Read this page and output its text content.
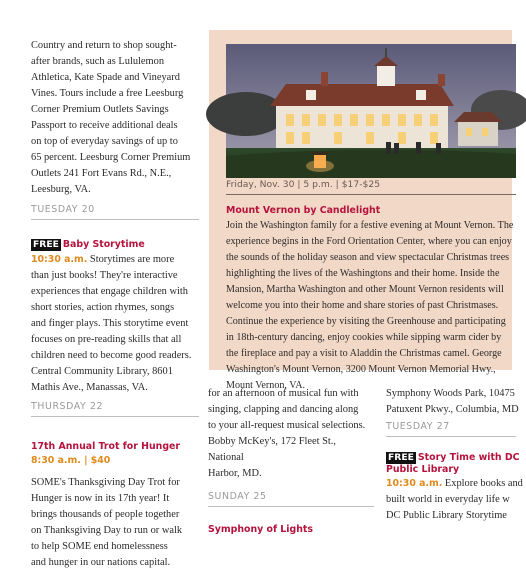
Country and return to shop sought-

after brands, such as Lululemon

Athletica, Kate Spade and Vineyard

Vines. Tours include a free Leesburg

Corner Premium Outlets Savings

Passport to receive additional deals

on top of everyday savings of up to

65 percent. Leesburg Corner Premium

Outlets 241 Fort Evans Rd., N.E.,

Leesburg, VA.

TUESDAY 20
FREE Baby Storytime

10:30 a.m. Storytimes are more

than just books! They're interactive

experiences that engage children with

short stories, action rhymes, songs

and finger plays. This storytime event

focuses on pre-reading skills that all

children need to become good readers.

Central Community Library, 8601

Mathis Ave., Manassas, VA.

THURSDAY 22
17th Annual Trot for Hunger
8:30 a.m. | $40

SOME's Thanksgiving Day Trot for

Hunger is now in its 17th year! It

brings thousands of people together

on Thanksgiving Day to run or walk

to help SOME end homelessness

and hunger in our nations capital.

Friday, Nov. 30 | 5 p.m. | $17-$25
Mount Vernon by Candlelight

Join the Washington family for a festive evening at Mount Vernon. The

experience begins in the Ford Orientation Center, where you can enjoy

the sounds of the holiday season and view spectacular Christmas trees

highlighting the lives of the Washingtons and their home. Inside the

Mansion, Martha Washington and other Mount Vernon residents will

welcome you into their home and share stories of past Christmases.

Continue the experience by visiting the Greenhouse and participating

in 18th-century dancing, enjoy cookies while sipping warm cider by

the fireplace and pay a visit to Aladdin the Christmas camel. George

Washington's Mount Vernon, 3200 Mount Vernon Memorial Hwy.,

Mount Vernon, VA.

for an afternoon of musical fun with

singing, clapping and dancing along

to your all-request musical selections.

Bobby McKey's, 172 Fleet St., National

Harbor, MD.

SUNDAY 25
Symphony of Lights

Symphony Woods Park, 10475

Patuxent Pkwy., Columbia, MD

TUESDAY 27
FREE Story Time with DC
Public Library

10:30 a.m. Explore books and

built world in everyday life w

DC Public Library Storytime
